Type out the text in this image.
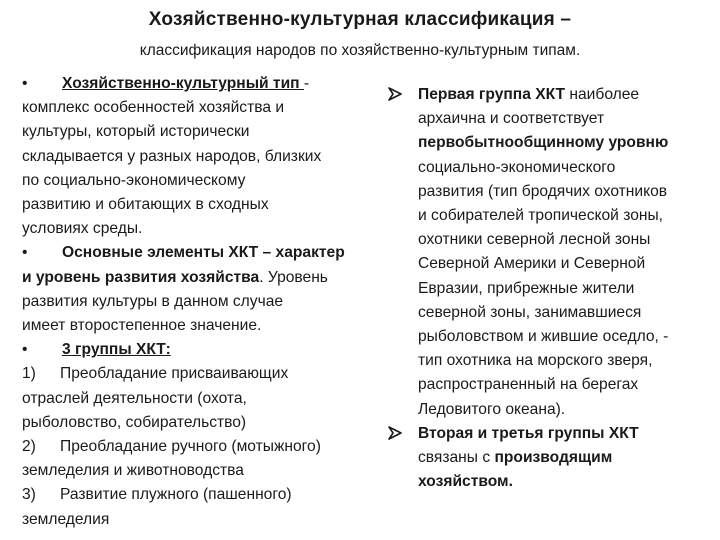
Хозяйственно-культурная классификация –
классификация народов по хозяйственно-культурным типам.
• Хозяйственно-культурный тип -
комплекс особенностей хозяйства и
культуры, который исторически
складывается у разных народов, близких
по социально-экономическому
развитию и обитающих в сходных
условиях среды.
• Основные элементы ХКТ – характер
и уровень развития хозяйства. Уровень
развития культуры в данном случае
имеет второстепенное значение.
• 3 группы ХКТ:
1) Преобладание присваивающих
отраслей деятельности (охота,
рыболовство, собирательство)
2) Преобладание ручного (мотыжного)
земледелия и животноводства
3) Развитие плужного (пашенного)
земледелия
Первая группа ХКТ наиболее
архаична и соответствует
первобытнообщинному уровню
социально-экономического
развития (тип бродячих охотников
и собирателей тропической зоны,
охотники северной лесной зоны
Северной Америки и Северной
Евразии, прибрежные жители
северной зоны, занимавшиеся
рыболовством и жившие оседло, -
тип охотника на морского зверя,
распространенный на берегах
Ледовитого океана).
Вторая и третья группы ХКТ
связаны с производящим
хозяйством.
